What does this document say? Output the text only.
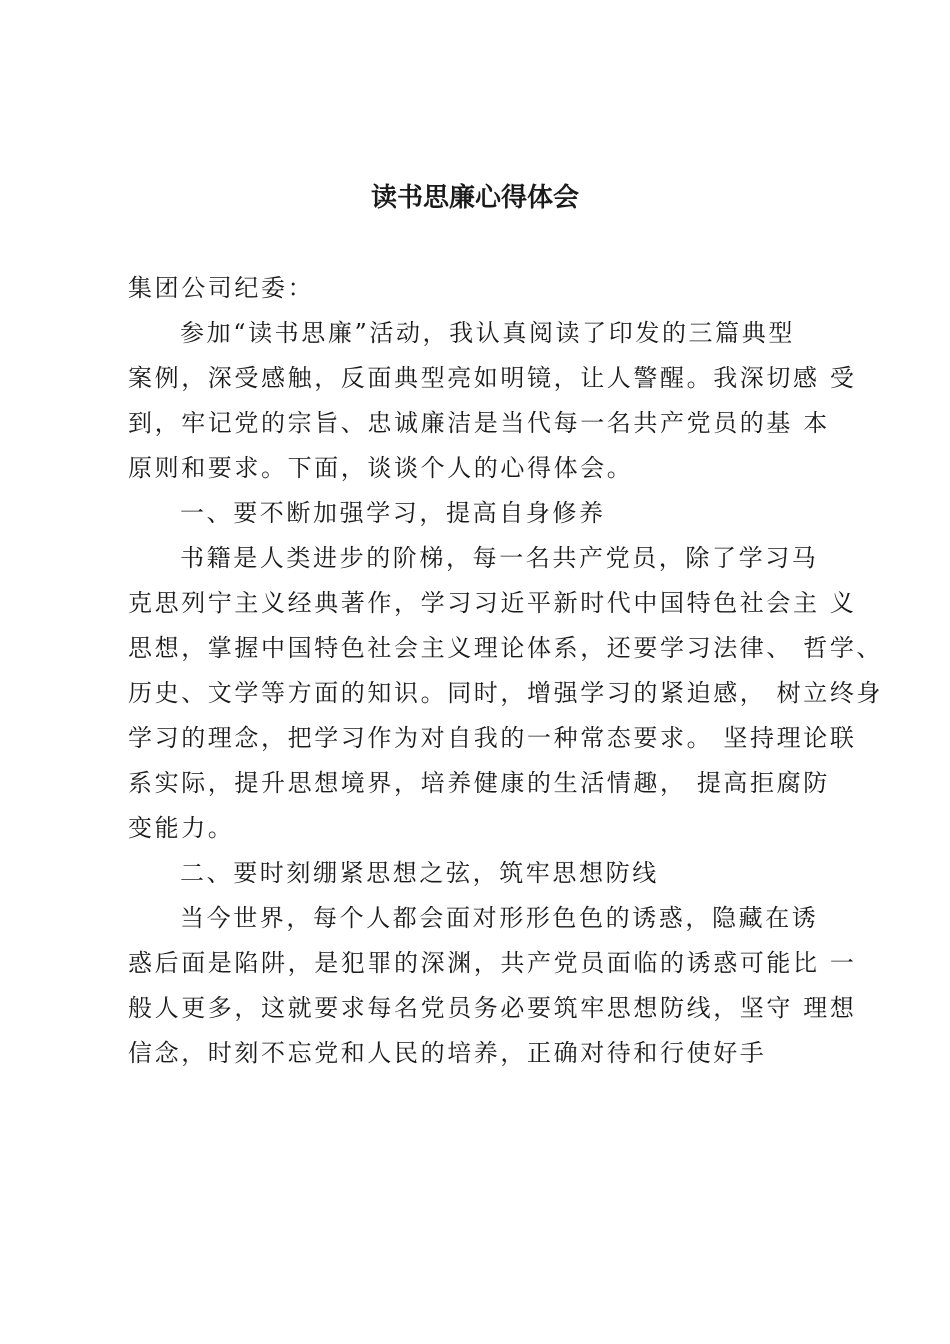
读书思廉心得体会
集团公司纪委：
参加“读书思廉”活动，我认真阅读了印发的三篇典型
案例，深受感触，反面典型亮如明镜，让人警醒。我深切感 受
到，牢记党的宗旨、忠诚廉洁是当代每一名共产党员的基 本
原则和要求。下面，谈谈个人的心得体会。
一、要不断加强学习，提高自身修养
书籍是人类进步的阶梯，每一名共产党员，除了学习马
克思列宁主义经典著作，学习习近平新时代中国特色社会主 义
思想，掌握中国特色社会主义理论体系，还要学习法律、 哲学、
历史、文学等方面的知识。同时，增强学习的紧迫感， 树立终身
学习的理念，把学习作为对自我的一种常态要求。 坚持理论联
系实际，提升思想境界，培养健康的生活情趣， 提高拒腐防
变能力。
二、要时刻绷紧思想之弦，筑牢思想防线
当今世界，每个人都会面对形形色色的诱惑，隐藏在诱
惑后面是陷阱，是犯罪的深渊，共产党员面临的诱惑可能比 一
般人更多，这就要求每名党员务必要筑牢思想防线，坚守 理想
信念，时刻不忘党和人民的培养，正确对待和行使好手
